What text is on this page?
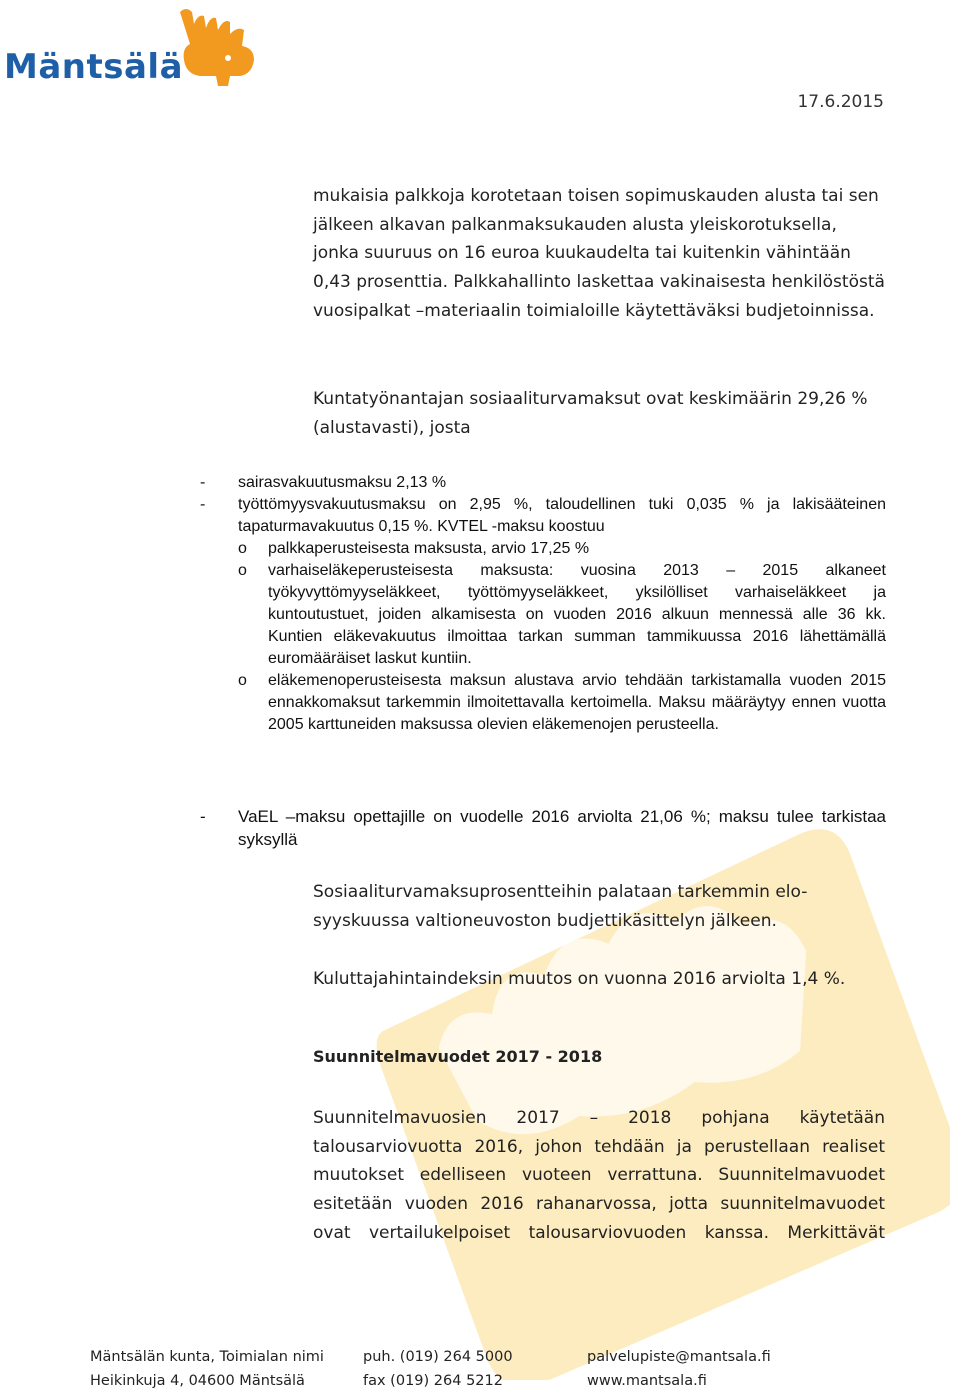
Mäntsälä
17.6.2015

mukaisia palkkoja korotetaan toisen sopimuskauden alusta tai sen jälkeen alkavan palkanmaksukauden alusta yleiskorotuksella, jonka suuruus on 16 euroa kuukaudelta tai kuitenkin vähintään 0,43 prosenttia. Palkkahallinto laskettaa vakinaisesta henkilöstöstä vuosipalkat –materiaalin toimialoille käytettäväksi budjetoinnissa.

Kuntatyönantajan sosiaaliturvamaksut ovat keskimäärin 29,26 % (alustavasti), josta

-	sairasvakuutusmaksu 2,13 %
-	työttömyysvakuutusmaksu on 2,95 %, taloudellinen tuki 0,035 % ja lakisääteinen tapaturmavakuutus 0,15 %. KVTEL -maksu koostuu
o	palkkaperusteisesta maksusta, arvio 17,25 %
o	varhaiseläkeperusteisesta maksusta: vuosina 2013 – 2015 alkaneet työkyvyttömyyseläkkeet, työttömyyseläkkeet, yksilölliset varhaiseläkkeet ja kuntoutustuet, joiden alkamisesta on vuoden 2016 alkuun mennessä alle 36 kk. Kuntien eläkevakuutus ilmoittaa tarkan summan tammikuussa 2016 lähettämällä euromääräiset laskut kuntiin.
o	eläkemenoperusteisesta maksun alustava arvio tehdään tarkistamalla vuoden 2015 ennakkomaksut tarkemmin ilmoitettavalla kertoimella. Maksu määräytyy ennen vuotta 2005 karttuneiden maksussa olevien eläkemenojen perusteella.
-	VaEL –maksu opettajille on vuodelle 2016 arviolta 21,06 %; maksu tulee tarkistaa syksyllä

Sosiaaliturvamaksuprosentteihin palataan tarkemmin elo-syyskuussa valtioneuvoston budjettikäsittelyn jälkeen.

Kuluttajahintaindeksin muutos on vuonna 2016 arviolta 1,4 %.

Suunnitelmavuodet 2017 - 2018

Suunnitelmavuosien 2017 – 2018 pohjana käytetään talousarviovuotta 2016, johon tehdään ja perustellaan realiset muutokset edelliseen vuoteen verrattuna. Suunnitelmavuodet esitetään vuoden 2016 rahanarvossa, jotta suunnitelmavuodet ovat vertailukelpoiset talousarviovuoden kanssa. Merkittävät

Mäntsälän kunta, Toimialan nimi
Heikinkuja 4, 04600 Mäntsälä
puh. (019) 264 5000
fax (019) 264 5212
palvelupiste@mantsala.fi
www.mantsala.fi
